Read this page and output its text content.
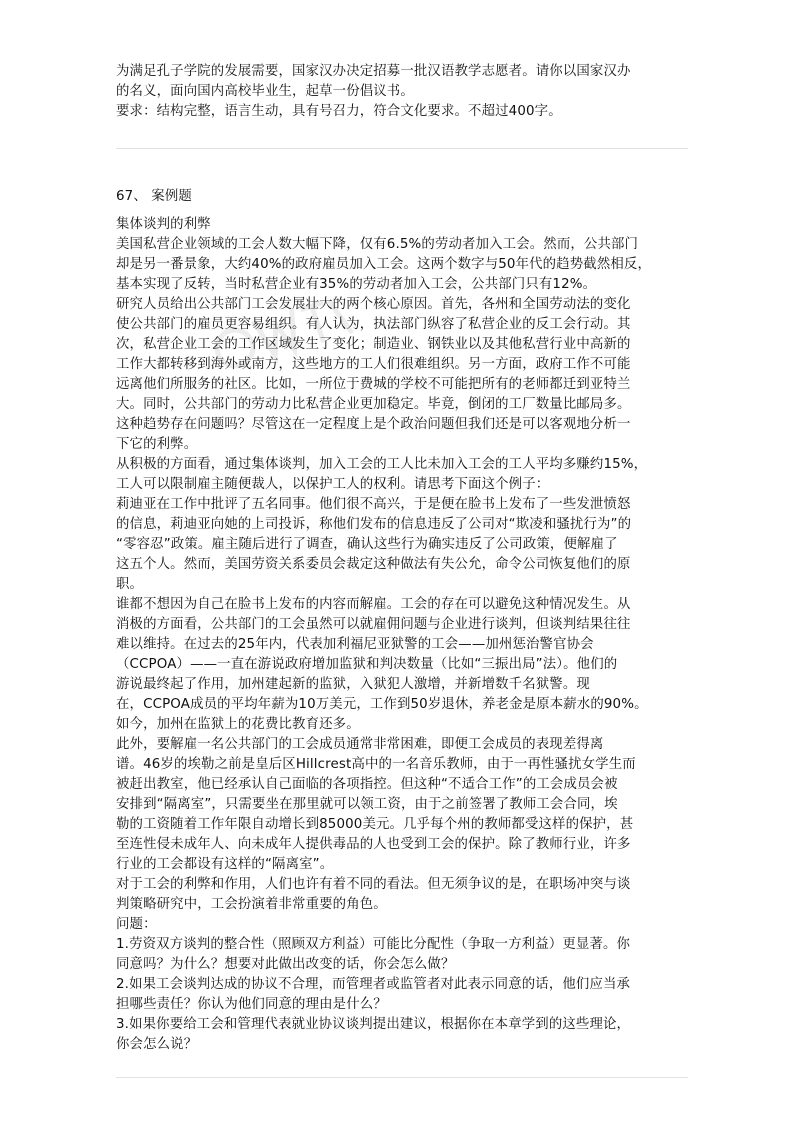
为满足孔子学院的发展需要，国家汉办决定招募一批汉语教学志愿者。请你以国家汉办
的名义，面向国内高校毕业生，起草一份倡议书。
要求：结构完整，语言生动，具有号召力，符合文化要求。不超过400字。
67、 案例题
集体谈判的利弊
美国私营企业领域的工会人数大幅下降，仅有6.5%的劳动者加入工会。然而，公共部门
却是另一番景象，大约40%的政府雇员加入工会。这两个数字与50年代的趋势截然相反，
基本实现了反转，当时私营企业有35%的劳动者加入工会，公共部门只有12%。
研究人员给出公共部门工会发展壮大的两个核心原因。首先，各州和全国劳动法的变化
使公共部门的雇员更容易组织。有人认为，执法部门纵容了私营企业的反工会行动。其
次，私营企业工会的工作区域发生了变化；制造业、钢铁业以及其他私营行业中高新的
工作大都转移到海外或南方，这些地方的工人们很难组织。另一方面，政府工作不可能
远离他们所服务的社区。比如，一所位于费城的学校不可能把所有的老师都迁到亚特兰
大。同时，公共部门的劳动力比私营企业更加稳定。毕竟，倒闭的工厂数量比邮局多。
这种趋势存在问题吗？尽管这在一定程度上是个政治问题但我们还是可以客观地分析一
下它的利弊。
从积极的方面看，通过集体谈判，加入工会的工人比未加入工会的工人平均多赚约15%，
工人可以限制雇主随便裁人，以保护工人的权利。请思考下面这个例子：
莉迪亚在工作中批评了五名同事。他们很不高兴，于是便在脸书上发布了一些发泄愤怒
的信息，莉迪亚向她的上司投诉，称他们发布的信息违反了公司对“欺凌和骚扰行为”的
“零容忍”政策。雇主随后进行了调查，确认这些行为确实违反了公司政策，便解雇了
这五个人。然而，美国劳资关系委员会裁定这种做法有失公允，命令公司恢复他们的原
职。
谁都不想因为自己在脸书上发布的内容而解雇。工会的存在可以避免这种情况发生。从
消极的方面看，公共部门的工会虽然可以就雇佣问题与企业进行谈判，但谈判结果往往
难以维持。在过去的25年内，代表加利福尼亚狱警的工会——加州惩治警官协会
（CCPOA）——一直在游说政府增加监狱和判决数量（比如“三振出局”法）。他们的
游说最终起了作用，加州建起新的监狱，入狱犯人激增，并新增数千名狱警。现
在，CCPOA成员的平均年薪为10万美元，工作到50岁退休，养老金是原本薪水的90%。
如今，加州在监狱上的花费比教育还多。
此外，要解雇一名公共部门的工会成员通常非常困难，即便工会成员的表现差得离
谱。46岁的埃勒之前是皇后区Hillcrest高中的一名音乐教师，由于一再性骚扰女学生而
被赶出教室，他已经承认自己面临的各项指控。但这种“不适合工作”的工会成员会被
安排到“隔离室”，只需要坐在那里就可以领工资，由于之前签署了教师工会合同，埃
勒的工资随着工作年限自动增长到85000美元。几乎每个州的教师都受这样的保护，甚
至连性侵未成年人、向未成年人提供毒品的人也受到工会的保护。除了教师行业，许多
行业的工会都设有这样的“隔离室”。
对于工会的利弊和作用，人们也许有着不同的看法。但无须争议的是，在职场冲突与谈
判策略研究中，工会扮演着非常重要的角色。
问题：
1.劳资双方谈判的整合性（照顾双方利益）可能比分配性（争取一方利益）更显著。你
同意吗？为什么？想要对此做出改变的话，你会怎么做？
2.如果工会谈判达成的协议不合理，而管理者或监管者对此表示同意的话，他们应当承
担哪些责任？你认为他们同意的理由是什么？
3.如果你要给工会和管理代表就业协议谈判提出建议，根据你在本章学到的这些理论，
你会怎么说？
